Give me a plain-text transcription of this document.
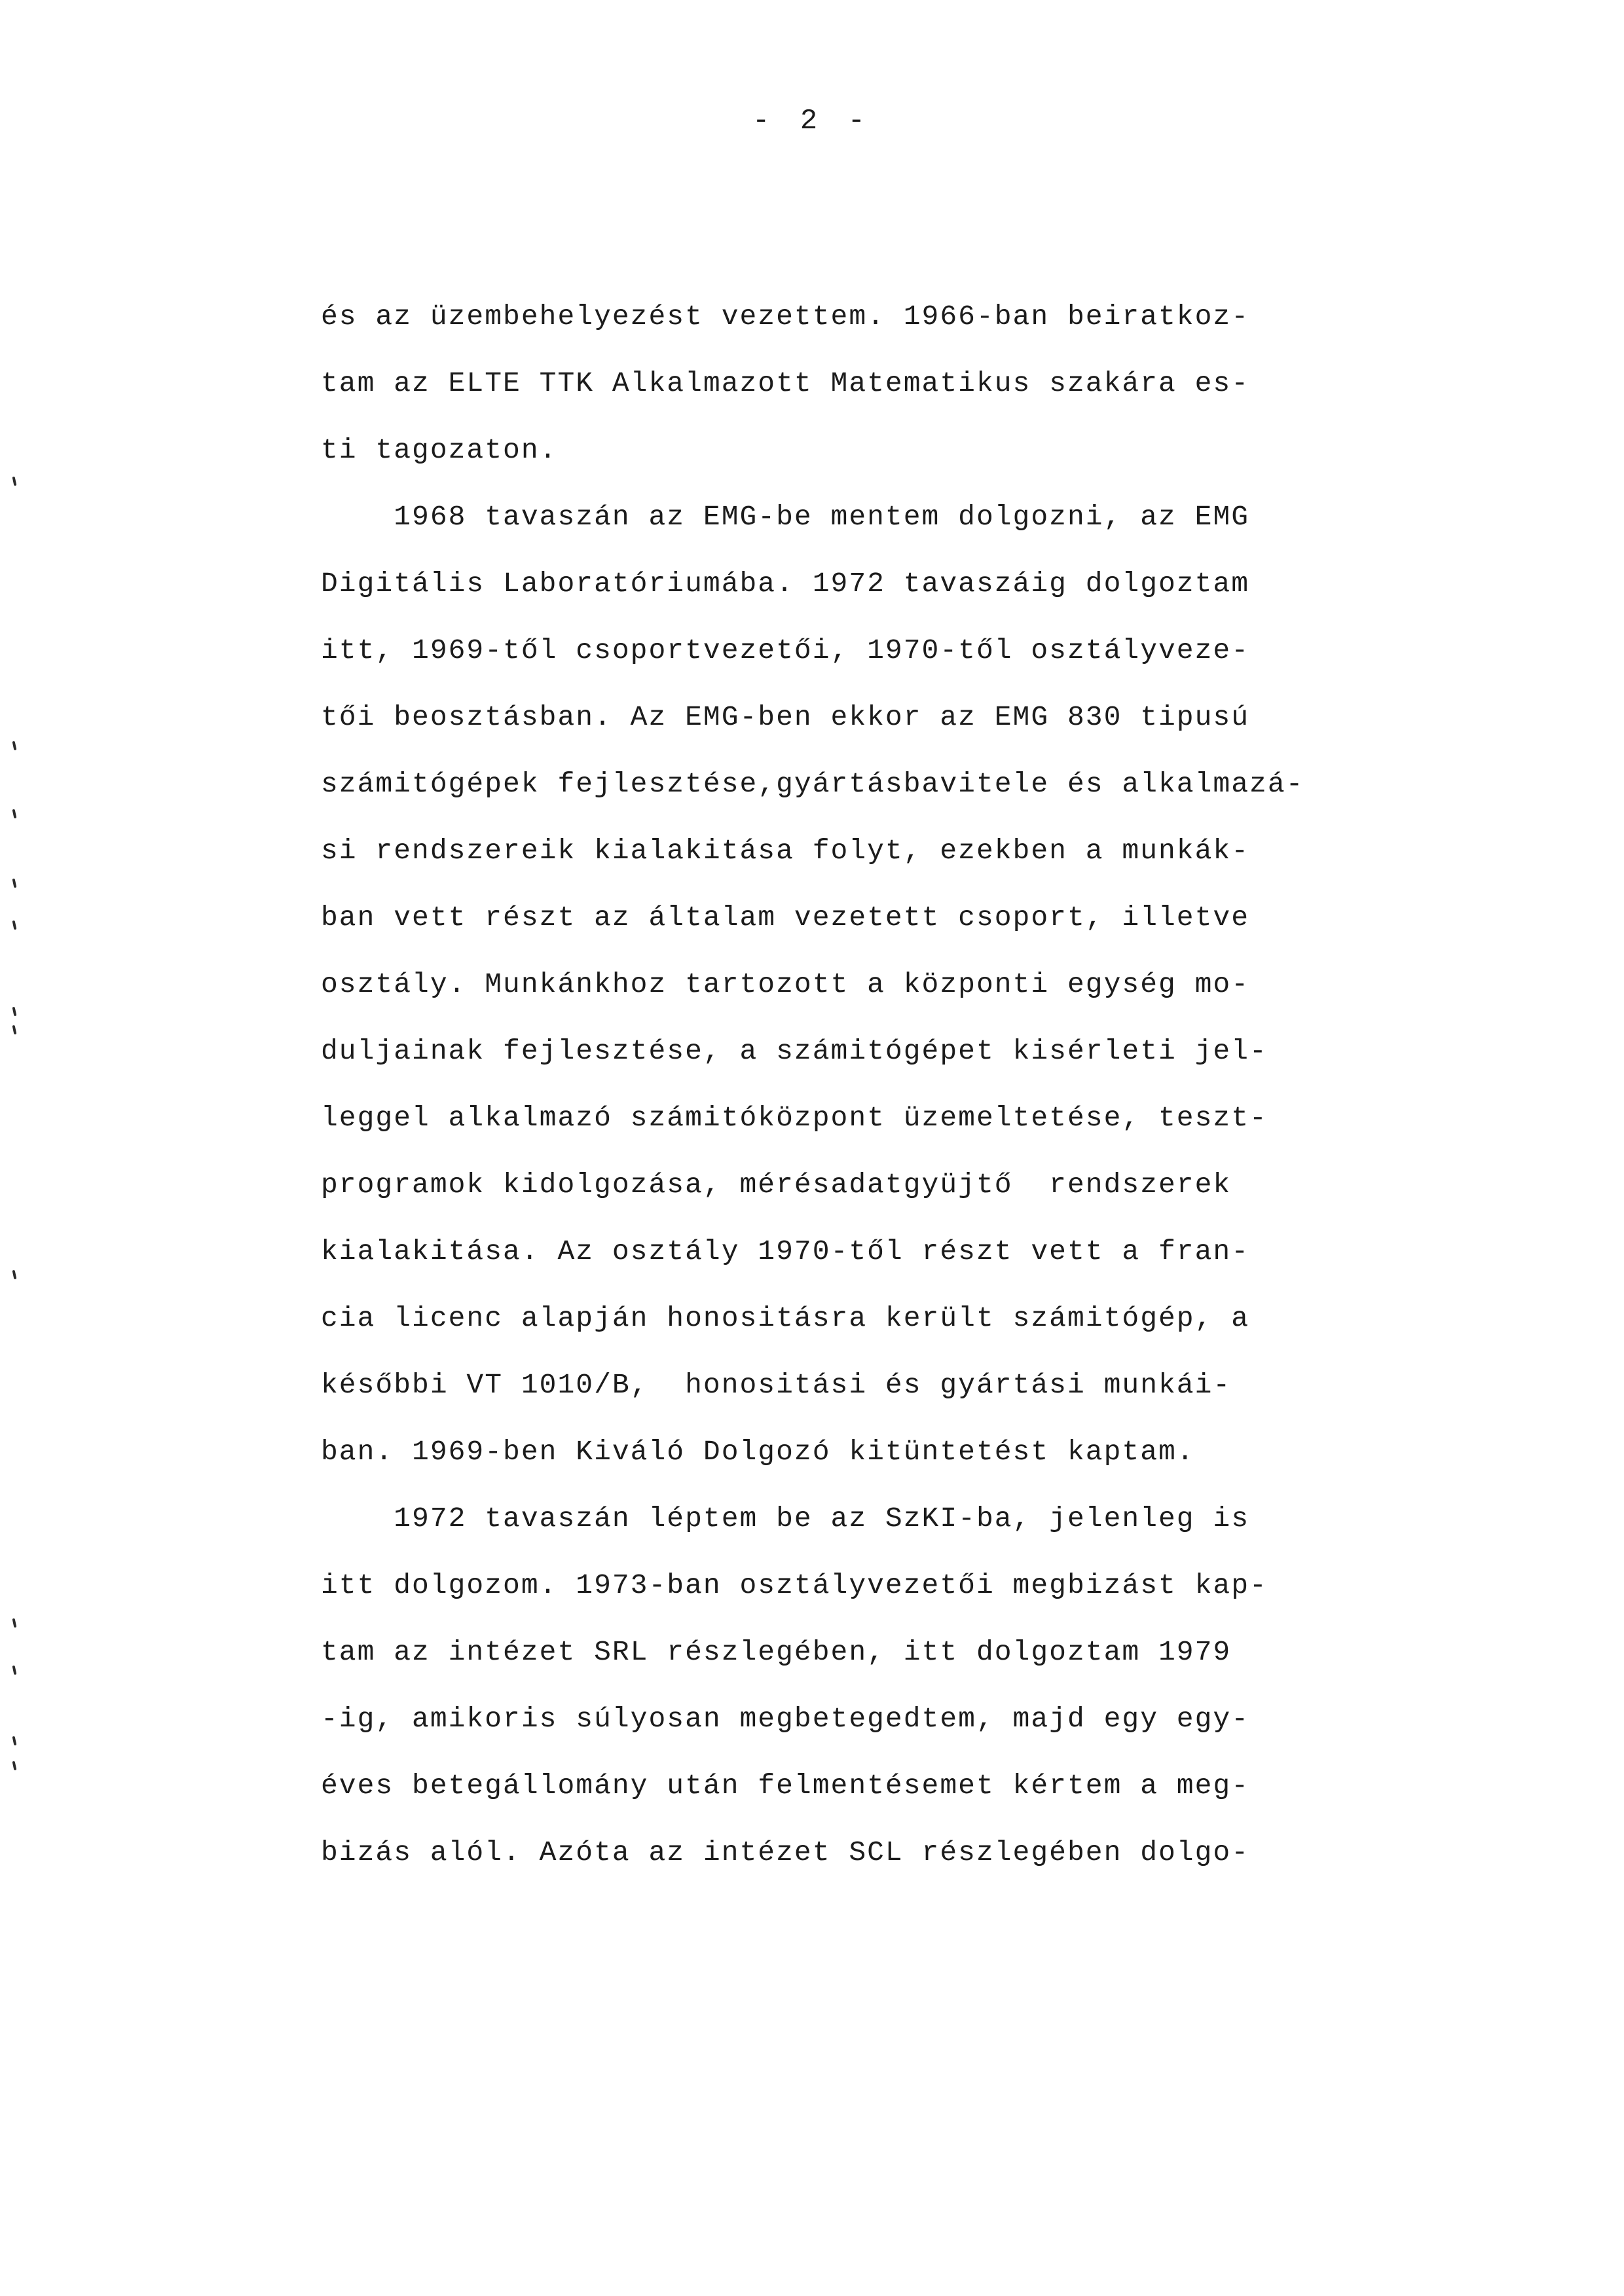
- 2 -

és az üzembehelyezést vezettem. 1966-ban beiratkoz-

tam az ELTE TTK Alkalmazott Matematikus szakára es-

ti tagozaton.

1968 tavaszán az EMG-be mentem dolgozni, az EMG

Digitális Laboratóriumába. 1972 tavaszáig dolgoztam

itt, 1969-től csoportvezetői, 1970-től osztályveze-

tői beosztásban. Az EMG-ben ekkor az EMG 830 tipusú

számitógépek fejlesztése,gyártásbavitele és alkalmazá-

si rendszereik kialakitása folyt, ezekben a munkák-

ban vett részt az általam vezetett csoport, illetve

osztály. Munkánkhoz tartozott a központi egység mo-

duljainak fejlesztése, a számitógépet kisérleti jel-

leggel alkalmazó számitóközpont üzemeltetése, teszt-

programok kidolgozása, mérésadatgyüjtő  rendszerek

kialakitása. Az osztály 1970-től részt vett a fran-

cia licenc alapján honositásra került számitógép, a

későbbi VT 1010/B,  honositási és gyártási munkái-

ban. 1969-ben Kiváló Dolgozó kitüntetést kaptam.

1972 tavaszán léptem be az SzKI-ba, jelenleg is

itt dolgozom. 1973-ban osztályvezetői megbizást kap-

tam az intézet SRL részlegében, itt dolgoztam 1979

-ig, amikoris súlyosan megbetegedtem, majd egy egy-

éves betegállomány után felmentésemet kértem a meg-

bizás alól. Azóta az intézet SCL részlegében dolgo-
